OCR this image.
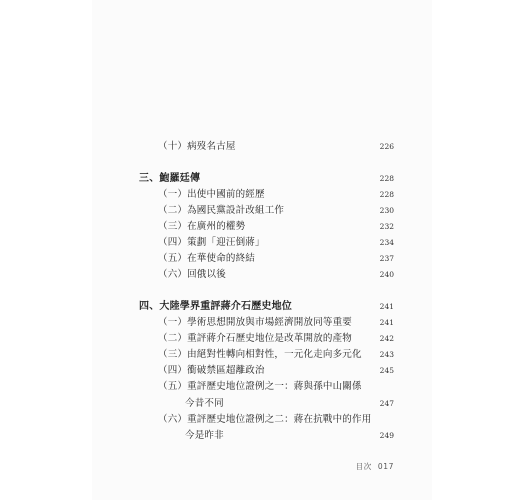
（十）病歿名古屋	226
三、鮑羅廷傳	228
（一）出使中國前的經歷	228
（二）為國民黨設計改組工作	230
（三）在廣州的權勢	232
（四）策劃「迎汪倒蔣」	234
（五）在華使命的終結	237
（六）回俄以後	240
四、大陸學界重評蔣介石歷史地位	241
（一）學術思想開放與市場經濟開放同等重要	241
（二）重評蔣介石歷史地位是改革開放的產物	242
（三）由絕對性轉向相對性，一元化走向多元化 243
（四）衝破禁區超離政治	245
（五）重評歷史地位證例之一：蔣與孫中山關係
今昔不同	247
（六）重評歷史地位證例之二：蔣在抗戰中的作用
今是昨非	249
目次 017
